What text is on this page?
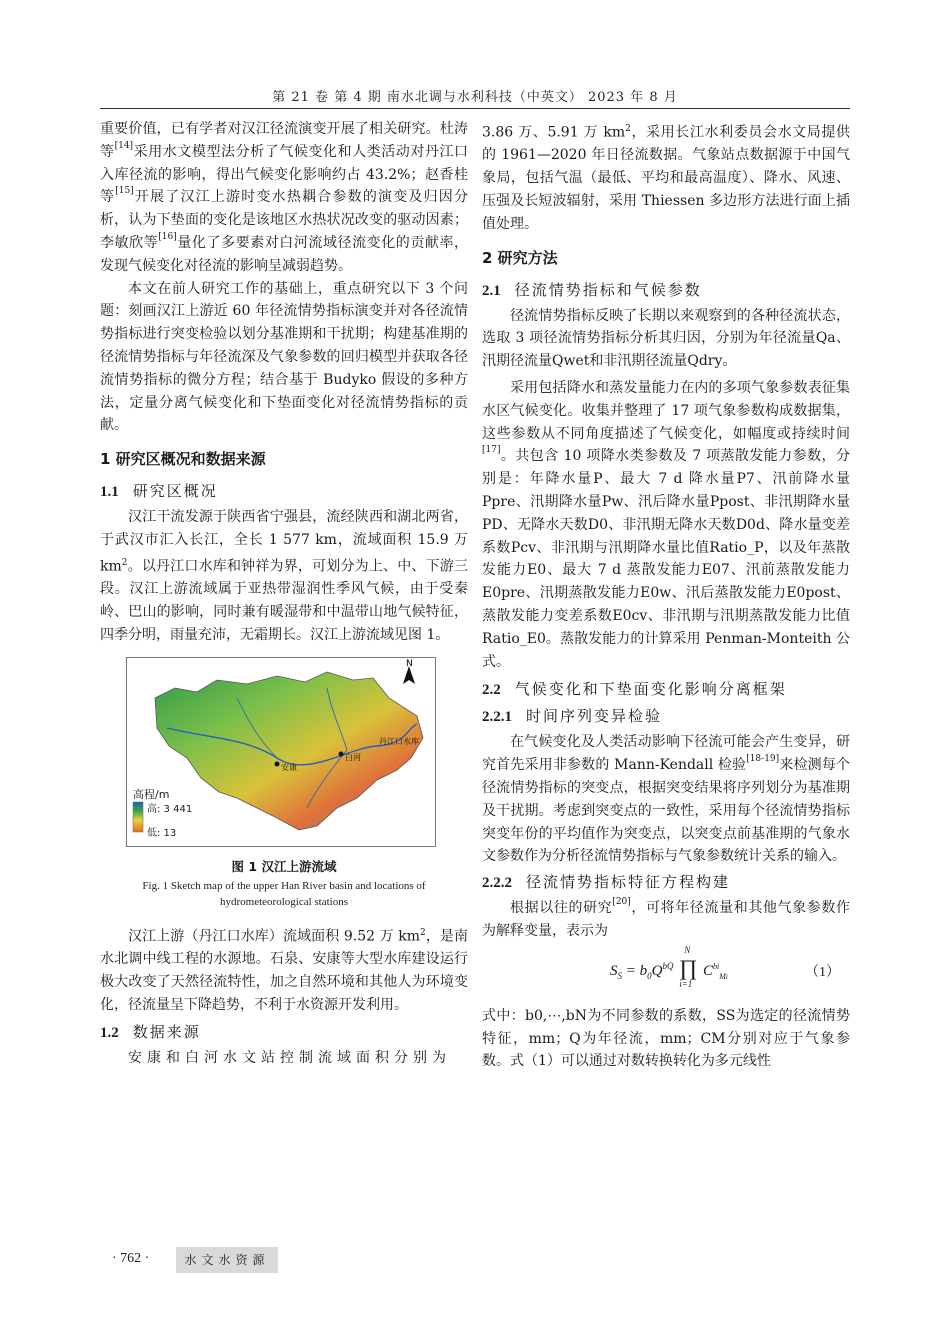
第 21 卷 第 4 期 南水北调与水利科技（中英文） 2023 年 8 月

重要价值，已有学者对汉江径流演变开展了相关研究。杜涛等[14]采用水文模型法分析了气候变化和人类活动对丹江口入库径流的影响，得出气候变化影响约占 43.2%；赵香桂等[15]开展了汉江上游时变水热耦合参数的演变及归因分析，认为下垫面的变化是该地区水热状况改变的驱动因素；李敏欣等[16]量化了多要素对白河流域径流变化的贡献率，发现气候变化对径流的影响呈减弱趋势。

本文在前人研究工作的基础上，重点研究以下 3 个问题：刻画汉江上游近 60 年径流情势指标演变并对各径流情势指标进行突变检验以划分基准期和干扰期；构建基准期的径流情势指标与年径流深及气象参数的回归模型并获取各径流情势指标的微分方程；结合基于 Budyko 假设的多种方法，定量分离气候变化和下垫面变化对径流情势指标的贡献。

1 研究区概况和数据来源
1.1 研究区概况

汉江干流发源于陕西省宁强县，流经陕西和湖北两省，于武汉市汇入长江，全长 1 577 km，流域面积 15.9 万 $km^2$。以丹江口水库和钟祥为界，可划分为上、中、下游三段。汉江上游流域属于亚热带湿润性季风气候，由于受秦岭、巴山的影响，同时兼有暖湿带和中温带山地气候特征，四季分明，雨量充沛，无霜期长。汉江上游流域见图 1。

N
安康
白河
丹江口水库
高程/m
高: 3 441
低: 13
图 1 汉江上游流域
Fig. 1 Sketch map of the upper Han River basin and locations of
hydrometeorological stations

汉江上游（丹江口水库）流域面积 9.52 万 $km^2$，是南水北调中线工程的水源地。石泉、安康等大型水库建设运行极大改变了天然径流特性，加之自然环境和其他人为环境变化，径流量呈下降趋势，不利于水资源开发利用。

1.2 数据来源

安康和白河水文站控制流域面积分别为

3.86 万、5.91 万 $km^2$，采用长江水利委员会水文局提供的 1961—2020 年日径流数据。气象站点数据源于中国气象局，包括气温（最低、平均和最高温度）、降水、风速、压强及长短波辐射，采用 Thiessen 多边形方法进行面上插值处理。

2 研究方法
2.1 径流情势指标和气候参数

径流情势指标反映了长期以来观察到的各种径流状态，选取 3 项径流情势指标分析其归因，分别为年径流量Qa、汛期径流量Qwet和非汛期径流量Qdry。

采用包括降水和蒸发量能力在内的多项气象参数表征集水区气候变化。收集并整理了 17 项气象参数构成数据集，这些参数从不同角度描述了气候变化，如幅度或持续时间[17]。共包含 10 项降水类参数及 7 项蒸散发能力参数，分别是：年降水量P、最大 7 d 降水量P7、汛前降水量Ppre、汛期降水量Pw、汛后降水量Ppost、非汛期降水量PD、无降水天数D0、非汛期无降水天数D0d、降水量变差系数Pcv、非汛期与汛期降水量比值Ratio_P，以及年蒸散发能力E0、最大 7 d 蒸散发能力E07、汛前蒸散发能力E0pre、汛期蒸散发能力E0w、汛后蒸散发能力E0post、蒸散发能力变差系数E0cv、非汛期与汛期蒸散发能力比值 Ratio_E0。蒸散发能力的计算采用 Penman-Monteith 公式。

2.2 气候变化和下垫面变化影响分离框架
2.2.1 时间序列变异检验

在气候变化及人类活动影响下径流可能会产生变异，研究首先采用非参数的 Mann-Kendall 检验[18-19]来检测每个径流情势指标的突变点，根据突变结果将序列划分为基准期及干扰期。考虑到突变点的一致性，采用每个径流情势指标突变年份的平均值作为突变点，以突变点前基准期的气象水文参数作为分析径流情势指标与气象参数统计关系的输入。

2.2.2 径流情势指标特征方程构建

根据以往的研究[20]，可将年径流量和其他气象参数作为解释变量，表示为

$S_S = b_0Q^{bQ}$
N
∏
i=1
$C^{bi}_{Mi}$	（1）

式中：b0,⋯,bN为不同参数的系数，SS为选定的径流情势特征，mm；Q为年径流，mm；CM分别对应于气象参数。式（1）可以通过对数转换转化为多元线性

· 762 ·	水文水资源
